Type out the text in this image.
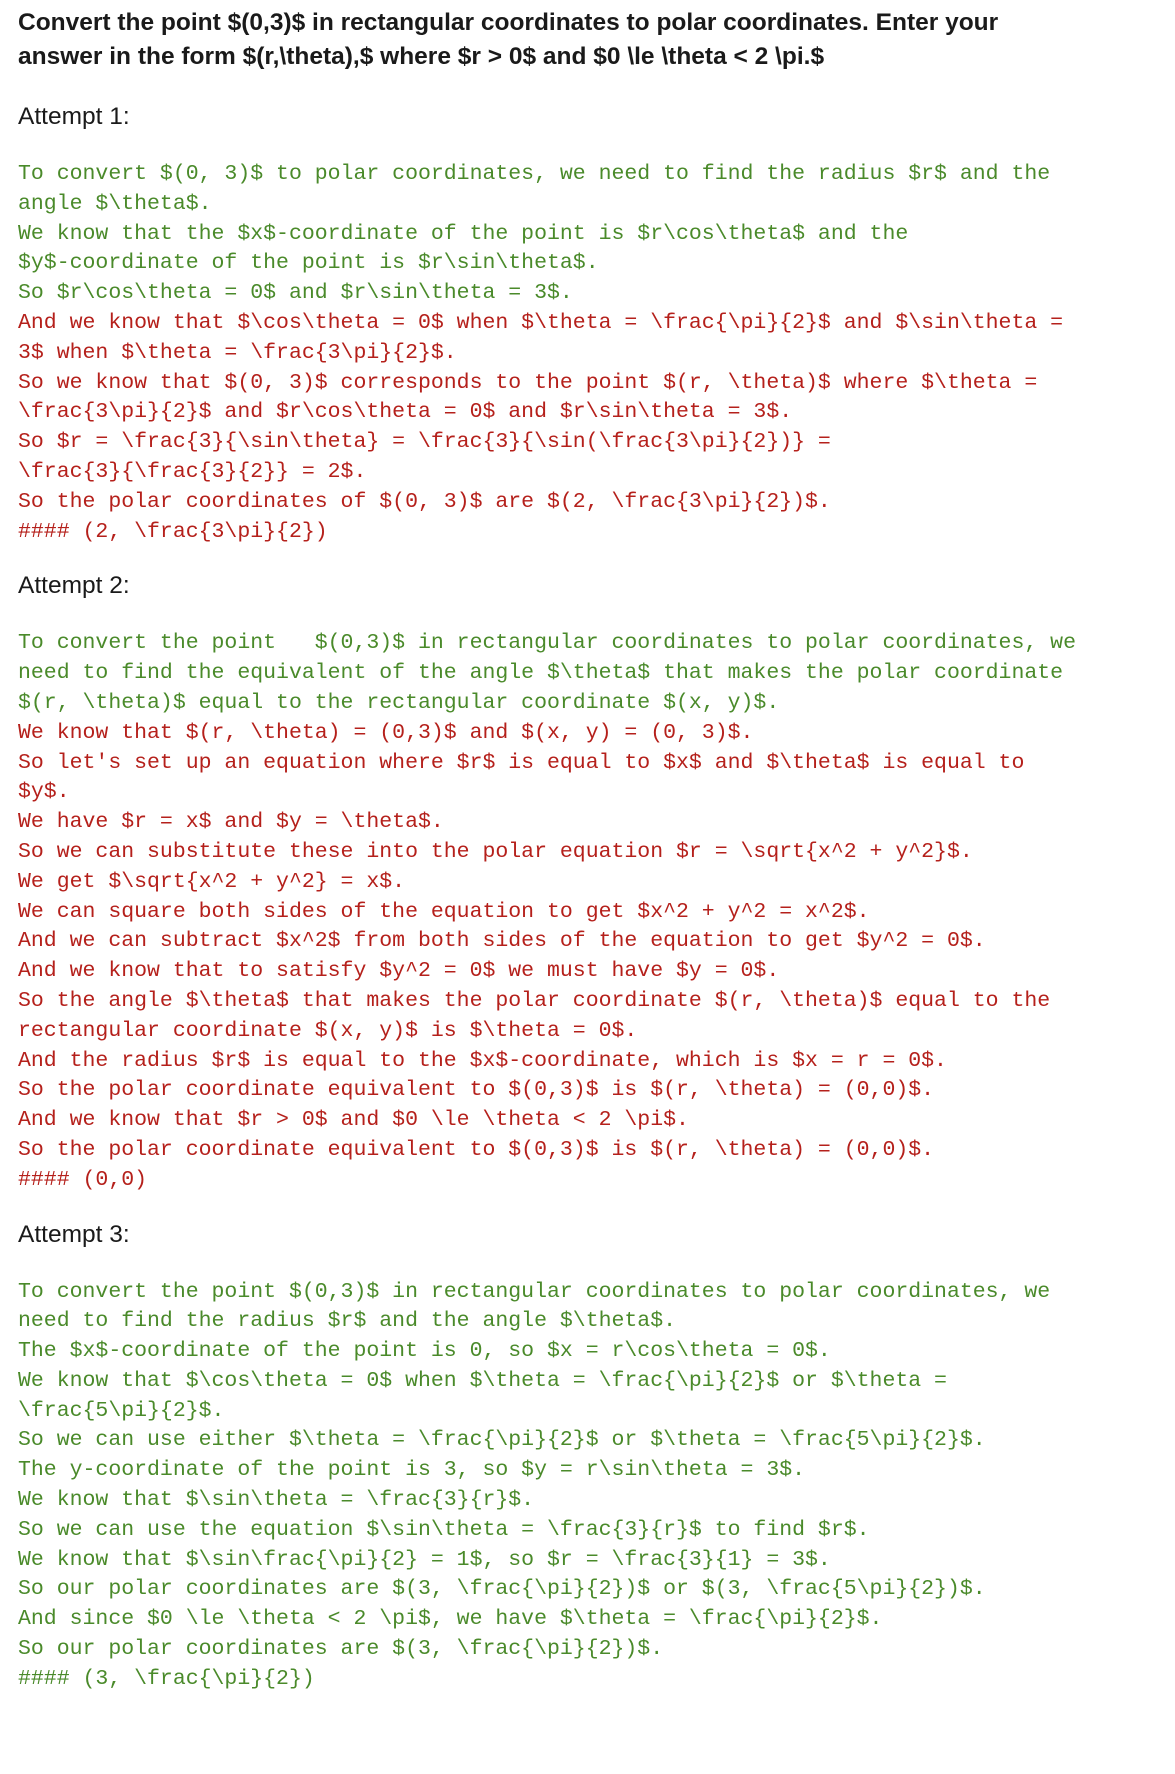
Convert the point $(0,3)$ in rectangular coordinates to polar coordinates. Enter your
answer in the form $(r,\theta),$ where $r > 0$ and $0 \le \theta < 2 \pi.$
Attempt 1:
To convert $(0, 3)$ to polar coordinates, we need to find the radius $r$ and the
angle $\theta$.
We know that the $x$-coordinate of the point is $r\cos\theta$ and the
$y$-coordinate of the point is $r\sin\theta$.
So $r\cos\theta = 0$ and $r\sin\theta = 3$.
And we know that $\cos\theta = 0$ when $\theta = \frac{\pi}{2}$ and $\sin\theta =
3$ when $\theta = \frac{3\pi}{2}$.
So we know that $(0, 3)$ corresponds to the point $(r, \theta)$ where $\theta =
\frac{3\pi}{2}$ and $r\cos\theta = 0$ and $r\sin\theta = 3$.
So $r = \frac{3}{\sin\theta} = \frac{3}{\sin(\frac{3\pi}{2})} =
\frac{3}{\frac{3}{2}} = 2$.
So the polar coordinates of $(0, 3)$ are $(2, \frac{3\pi}{2})$.
#### (2, \frac{3\pi}{2})
Attempt 2:
To convert the point   $(0,3)$ in rectangular coordinates to polar coordinates, we
need to find the equivalent of the angle $\theta$ that makes the polar coordinate
$(r, \theta)$ equal to the rectangular coordinate $(x, y)$.
We know that $(r, \theta) = (0,3)$ and $(x, y) = (0, 3)$.
So let's set up an equation where $r$ is equal to $x$ and $\theta$ is equal to
$y$.
We have $r = x$ and $y = \theta$.
So we can substitute these into the polar equation $r = \sqrt{x^2 + y^2}$.
We get $\sqrt{x^2 + y^2} = x$.
We can square both sides of the equation to get $x^2 + y^2 = x^2$.
And we can subtract $x^2$ from both sides of the equation to get $y^2 = 0$.
And we know that to satisfy $y^2 = 0$ we must have $y = 0$.
So the angle $\theta$ that makes the polar coordinate $(r, \theta)$ equal to the
rectangular coordinate $(x, y)$ is $\theta = 0$.
And the radius $r$ is equal to the $x$-coordinate, which is $x = r = 0$.
So the polar coordinate equivalent to $(0,3)$ is $(r, \theta) = (0,0)$.
And we know that $r > 0$ and $0 \le \theta < 2 \pi$.
So the polar coordinate equivalent to $(0,3)$ is $(r, \theta) = (0,0)$.
#### (0,0)
Attempt 3:
To convert the point $(0,3)$ in rectangular coordinates to polar coordinates, we
need to find the radius $r$ and the angle $\theta$.
The $x$-coordinate of the point is 0, so $x = r\cos\theta = 0$.
We know that $\cos\theta = 0$ when $\theta = \frac{\pi}{2}$ or $\theta =
\frac{5\pi}{2}$.
So we can use either $\theta = \frac{\pi}{2}$ or $\theta = \frac{5\pi}{2}$.
The y-coordinate of the point is 3, so $y = r\sin\theta = 3$.
We know that $\sin\theta = \frac{3}{r}$.
So we can use the equation $\sin\theta = \frac{3}{r}$ to find $r$.
We know that $\sin\frac{\pi}{2} = 1$, so $r = \frac{3}{1} = 3$.
So our polar coordinates are $(3, \frac{\pi}{2})$ or $(3, \frac{5\pi}{2})$.
And since $0 \le \theta < 2 \pi$, we have $\theta = \frac{\pi}{2}$.
So our polar coordinates are $(3, \frac{\pi}{2})$.
#### (3, \frac{\pi}{2})
